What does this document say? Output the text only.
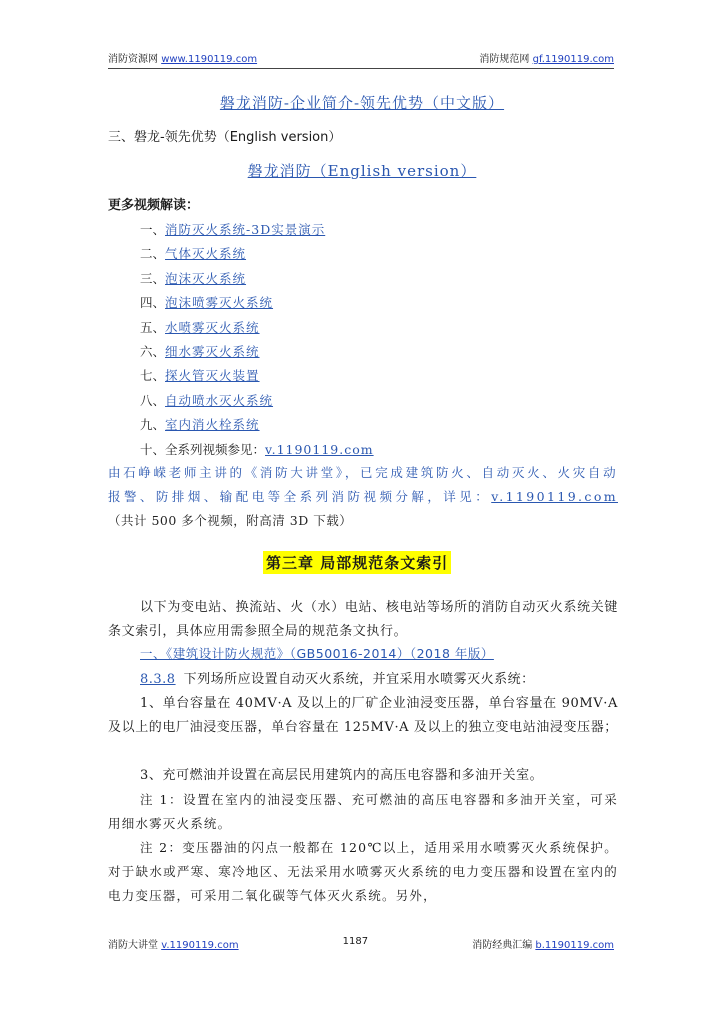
消防资源网 www.1190119.com	消防规范网 gf.1190119.com
磐龙消防-企业简介-领先优势（中文版）
三、磐龙-领先优势（English version）
磐龙消防（English version）
更多视频解读：
一、消防灭火系统-3D实景演示
二、气体灭火系统
三、泡沫灭火系统
四、泡沫喷雾灭火系统
五、水喷雾灭火系统
六、细水雾灭火系统
七、探火管灭火装置
八、自动喷水灭火系统
九、室内消火栓系统
十、全系列视频参见：v.1190119.com
由石峥嵘老师主讲的《消防大讲堂》，已完成建筑防火、自动灭火、火灾自动报警、防排烟、输配电等全系列消防视频分解，详见：v.1190119.com（共计 500 多个视频，附高清 3D 下载）
第三章 局部规范条文索引
以下为变电站、换流站、火（水）电站、核电站等场所的消防自动灭火系统关键条文索引，具体应用需参照全局的规范条文执行。
一、《建筑设计防火规范》（GB50016-2014）（2018 年版）
8.3.8 下列场所应设置自动灭火系统，并宜采用水喷雾灭火系统：
1、单台容量在 40MV·A 及以上的厂矿企业油浸变压器，单台容量在 90MV·A 及以上的电厂油浸变压器，单台容量在 125MV·A 及以上的独立变电站油浸变压器；
3、充可燃油并设置在高层民用建筑内的高压电容器和多油开关室。
注 1：设置在室内的油浸变压器、充可燃油的高压电容器和多油开关室，可采用细水雾灭火系统。
注 2：变压器油的闪点一般都在 120℃以上，适用采用水喷雾灭火系统保护。对于缺水或严寒、寒冷地区、无法采用水喷雾灭火系统的电力变压器和设置在室内的电力变压器，可采用二氧化碳等气体灭火系统。另外，
消防大讲堂 v.1190119.com	1187	消防经典汇编 b.1190119.com
